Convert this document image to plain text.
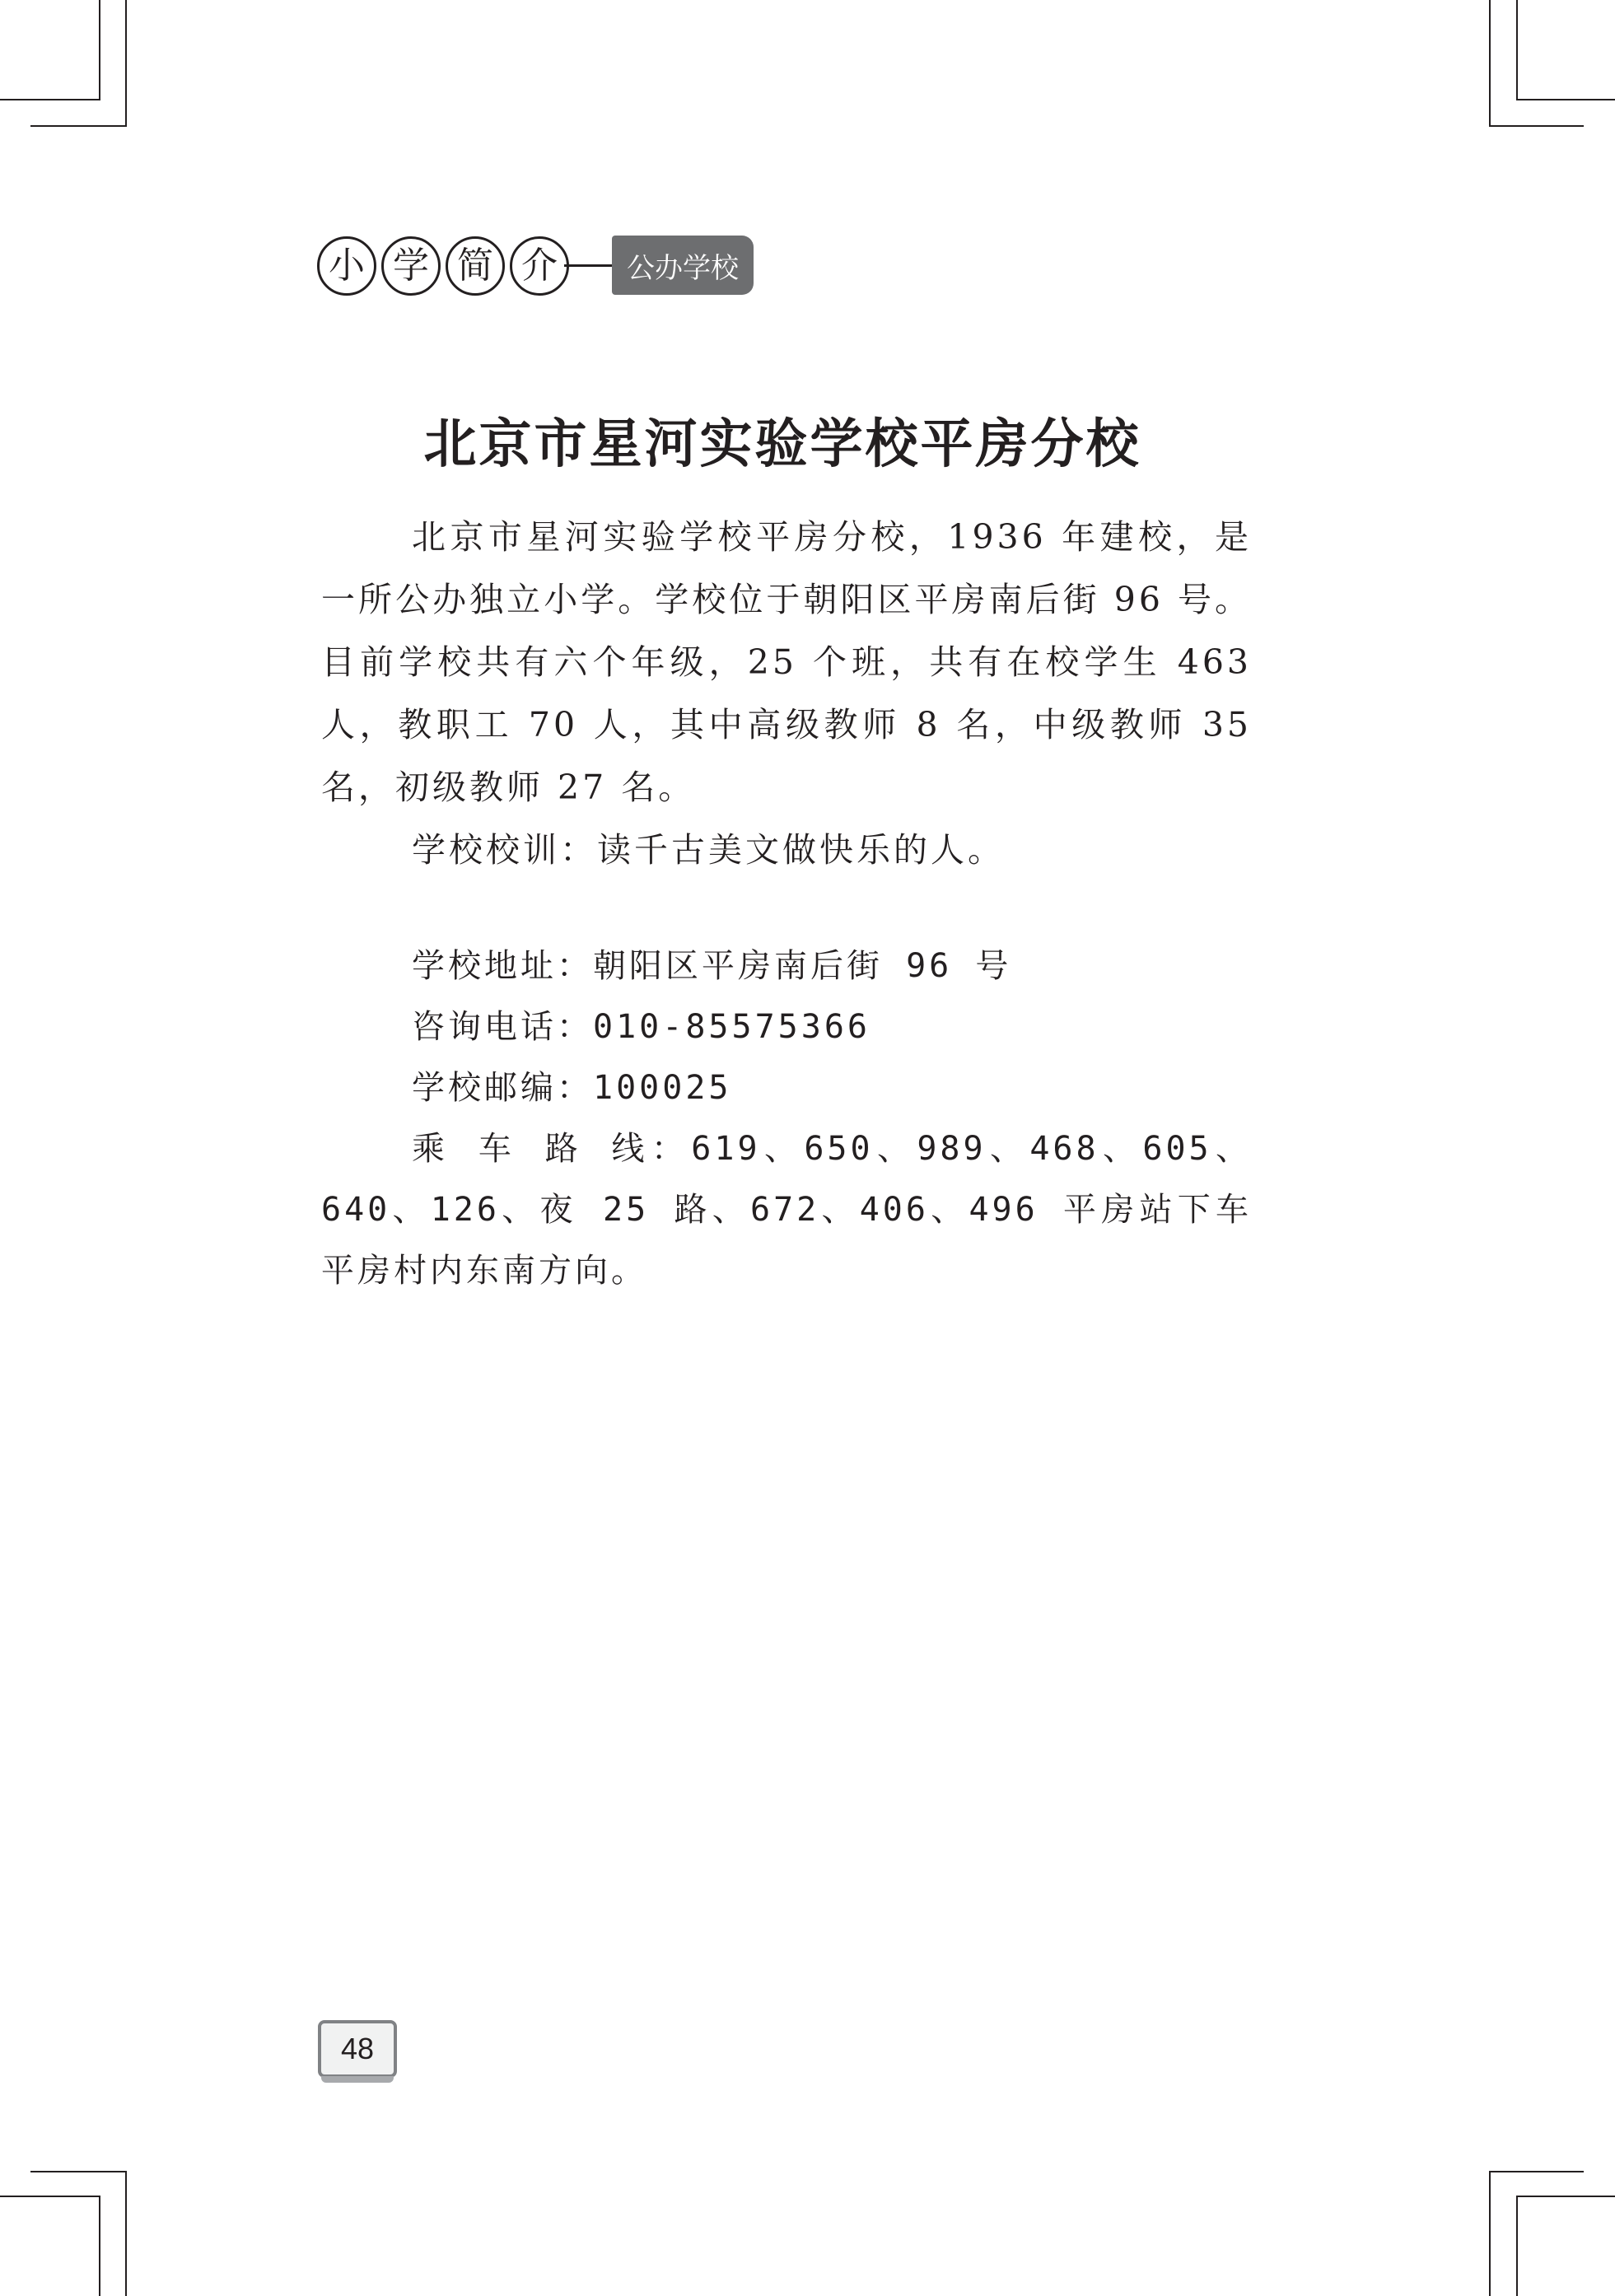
小 学 简 介	公办学校
北京市星河实验学校平房分校

北京市星河实验学校平房分校，1936 年建校，是一所公办独立小学。学校位于朝阳区平房南后街 96 号。目前学校共有六个年级，25 个班，共有在校学生 463 人，教职工 70 人，其中高级教师 8 名，中级教师 35 名，初级教师 27 名。

学校校训：读千古美文做快乐的人。

学校地址：朝阳区平房南后街 96 号

咨询电话：010-85575366

学校邮编：100025

乘 车 路 线：619、650、989、468、605、640、126、夜 25 路、672、406、496 平房站下车平房村内东南方向。

48
